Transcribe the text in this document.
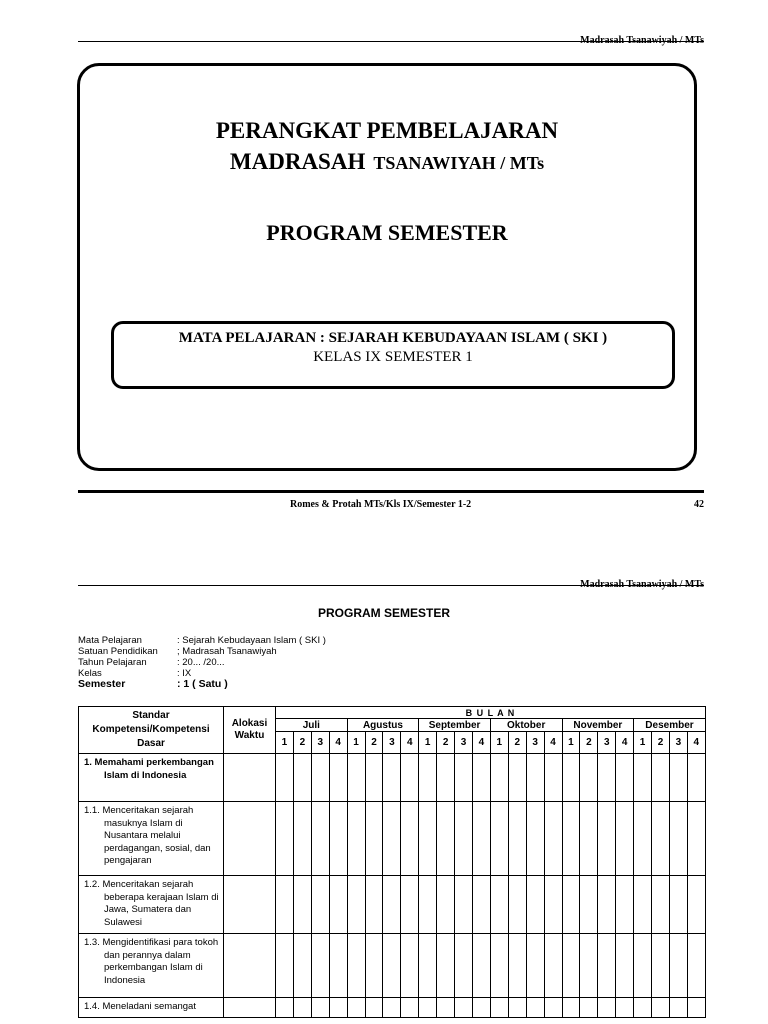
Madrasah Tsanawiyah / MTs
PERANGKAT PEMBELAJARAN
MADRASAH TSANAWIYAH / MTs
PROGRAM SEMESTER
MATA PELAJARAN : SEJARAH KEBUDAYAAN ISLAM ( SKI )
KELAS IX SEMESTER 1
Romes & Protah MTs/Kls IX/Semester 1-2	42
Madrasah Tsanawiyah / MTs
PROGRAM SEMESTER
Mata Pelajaran	: Sejarah Kebudayaan Islam ( SKI )
Satuan Pendidikan	; Madrasah Tsanawiyah
Tahun Pelajaran	: 20... /20...
Kelas	: IX
Semester	: 1 ( Satu )
Standar Kompetensi/Kompetensi Dasar	Alokasi Waktu	B U L A N																							
		Juli				Agustus				September				Oktober				November				Desember			
		1	2	3	4	1	2	3	4	1	2	3	4	1	2	3	4	1	2	3	4	1	2	3	4

1. Memahami perkembangan Islam di Indonesia																									

1.1. Menceritakan sejarah masuknya Islam di Nusantara melalui perdagangan, sosial, dan pengajaran																									

1.2. Menceritakan sejarah beberapa kerajaan Islam di Jawa, Sumatera dan Sulawesi																									

1.3. Mengidentifikasi para tokoh dan perannya dalam perkembangan Islam di Indonesia																									

1.4. Meneladani semangat																									
